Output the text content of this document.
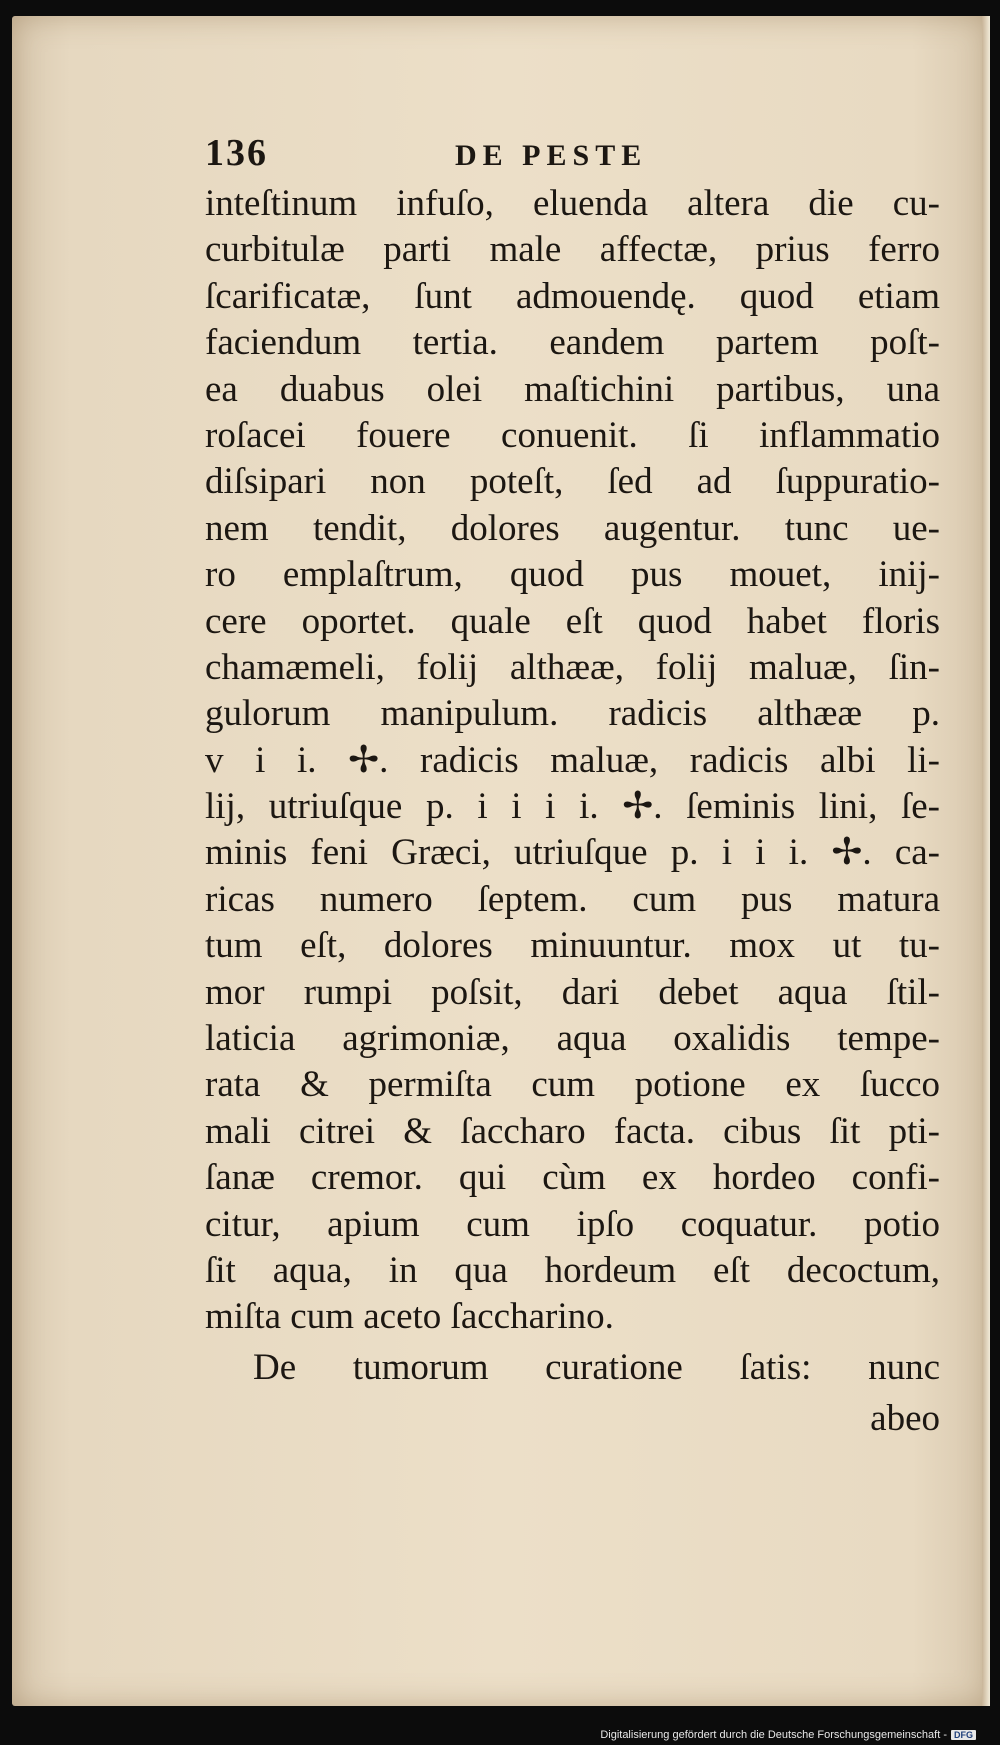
136	DE PESTE
inteſtinum infuſo, eluenda altera die cu-
curbitulæ parti male affectæ, prius ferro
ſcarificatæ, ſunt admouendę. quod etiam
faciendum tertia. eandem partem poſt-
ea duabus olei maſtichini partibus, una
roſacei fouere conuenit. ſi inflammatio
diſsipari non poteſt, ſed ad ſuppuratio-
nem tendit, dolores augentur. tunc ue-
ro emplaſtrum, quod pus mouet, inij-
cere oportet. quale eſt quod habet floris
chamæmeli, folij althææ, folij maluæ, ſin-
gulorum manipulum. radicis althææ p.
v i i. ✢. radicis maluæ, radicis albi li-
lij, utriuſque p. i i i i. ✢. ſeminis lini, ſe-
minis feni Græci, utriuſque p. i i i. ✢. ca-
ricas numero ſeptem. cum pus matura
tum eſt, dolores minuuntur. mox ut tu-
mor rumpi poſsit, dari debet aqua ſtil-
laticia agrimoniæ, aqua oxalidis tempe-
rata & permiſta cum potione ex ſucco
mali citrei & ſaccharo facta. cibus ſit pti-
ſanæ cremor. qui cùm ex hordeo confi-
citur, apium cum ipſo coquatur. potio
ſit aqua, in qua hordeum eſt decoctum,
miſta cum aceto ſaccharino.
De tumorum curatione ſatis: nunc
abeo
Digitalisierung gefördert durch die Deutsche Forschungsgemeinschaft - DFG
